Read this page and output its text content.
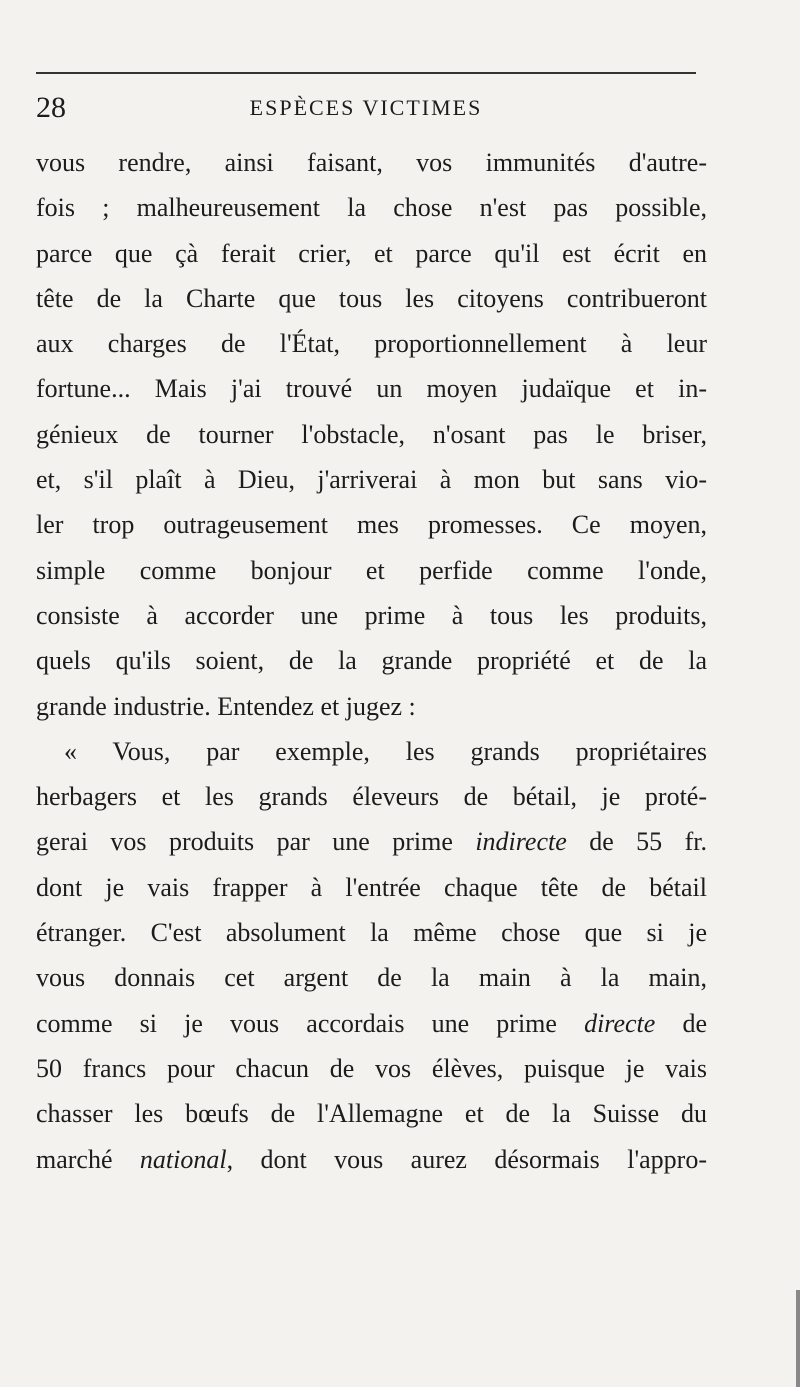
28	ESPÈCES VICTIMES
vous rendre, ainsi faisant, vos immunités d'autre-
fois ; malheureusement la chose n'est pas possible,
parce que çà ferait crier, et parce qu'il est écrit en
tête de la Charte que tous les citoyens contribueront
aux charges de l'État, proportionnellement à leur
fortune... Mais j'ai trouvé un moyen judaïque et in-
génieux de tourner l'obstacle, n'osant pas le briser,
et, s'il plaît à Dieu, j'arriverai à mon but sans vio-
ler trop outrageusement mes promesses. Ce moyen,
simple comme bonjour et perfide comme l'onde,
consiste à accorder une prime à tous les produits,
quels qu'ils soient, de la grande propriété et de la
grande industrie. Entendez et jugez :
« Vous, par exemple, les grands propriétaires
herbagers et les grands éleveurs de bétail, je proté-
gerai vos produits par une prime indirecte de 55 fr.
dont je vais frapper à l'entrée chaque tête de bétail
étranger. C'est absolument la même chose que si je
vous donnais cet argent de la main à la main,
comme si je vous accordais une prime directe de
50 francs pour chacun de vos élèves, puisque je vais
chasser les bœufs de l'Allemagne et de la Suisse du
marché national, dont vous aurez désormais l'appro-
